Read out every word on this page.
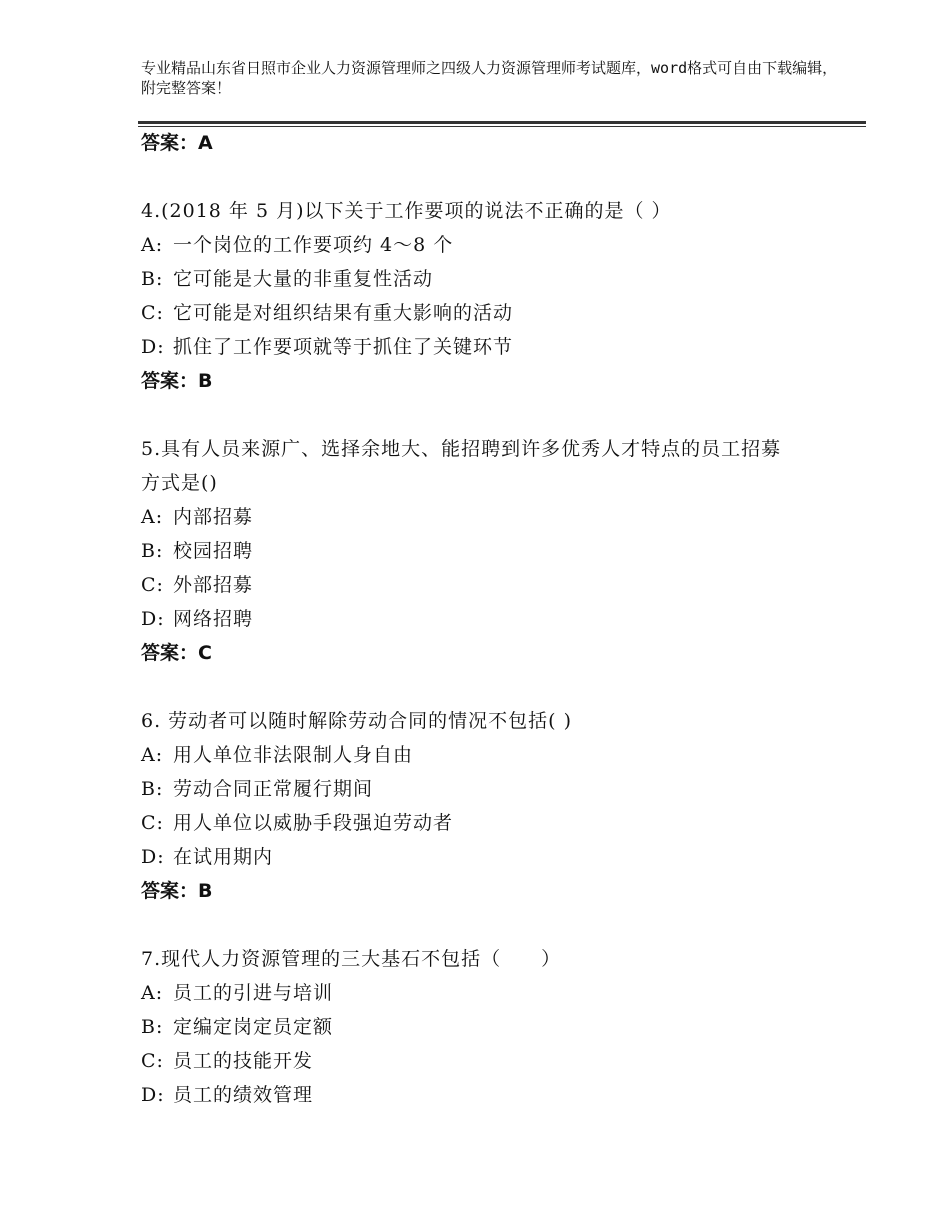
专业精品山东省日照市企业人力资源管理师之四级人力资源管理师考试题库，word格式可自由下载编辑，附完整答案！
答案：A
4.(2018 年 5 月)以下关于工作要项的说法不正确的是（ ）
A: 一个岗位的工作要项约 4～8 个
B: 它可能是大量的非重复性活动
C: 它可能是对组织结果有重大影响的活动
D: 抓住了工作要项就等于抓住了关键环节
答案：B
5.具有人员来源广、选择余地大、能招聘到许多优秀人才特点的员工招募方式是()
A: 内部招募
B: 校园招聘
C: 外部招募
D: 网络招聘
答案：C
6. 劳动者可以随时解除劳动合同的情况不包括( )
A: 用人单位非法限制人身自由
B: 劳动合同正常履行期间
C: 用人单位以威胁手段强迫劳动者
D: 在试用期内
答案：B
7.现代人力资源管理的三大基石不包括（　　）
A: 员工的引进与培训
B: 定编定岗定员定额
C: 员工的技能开发
D: 员工的绩效管理
